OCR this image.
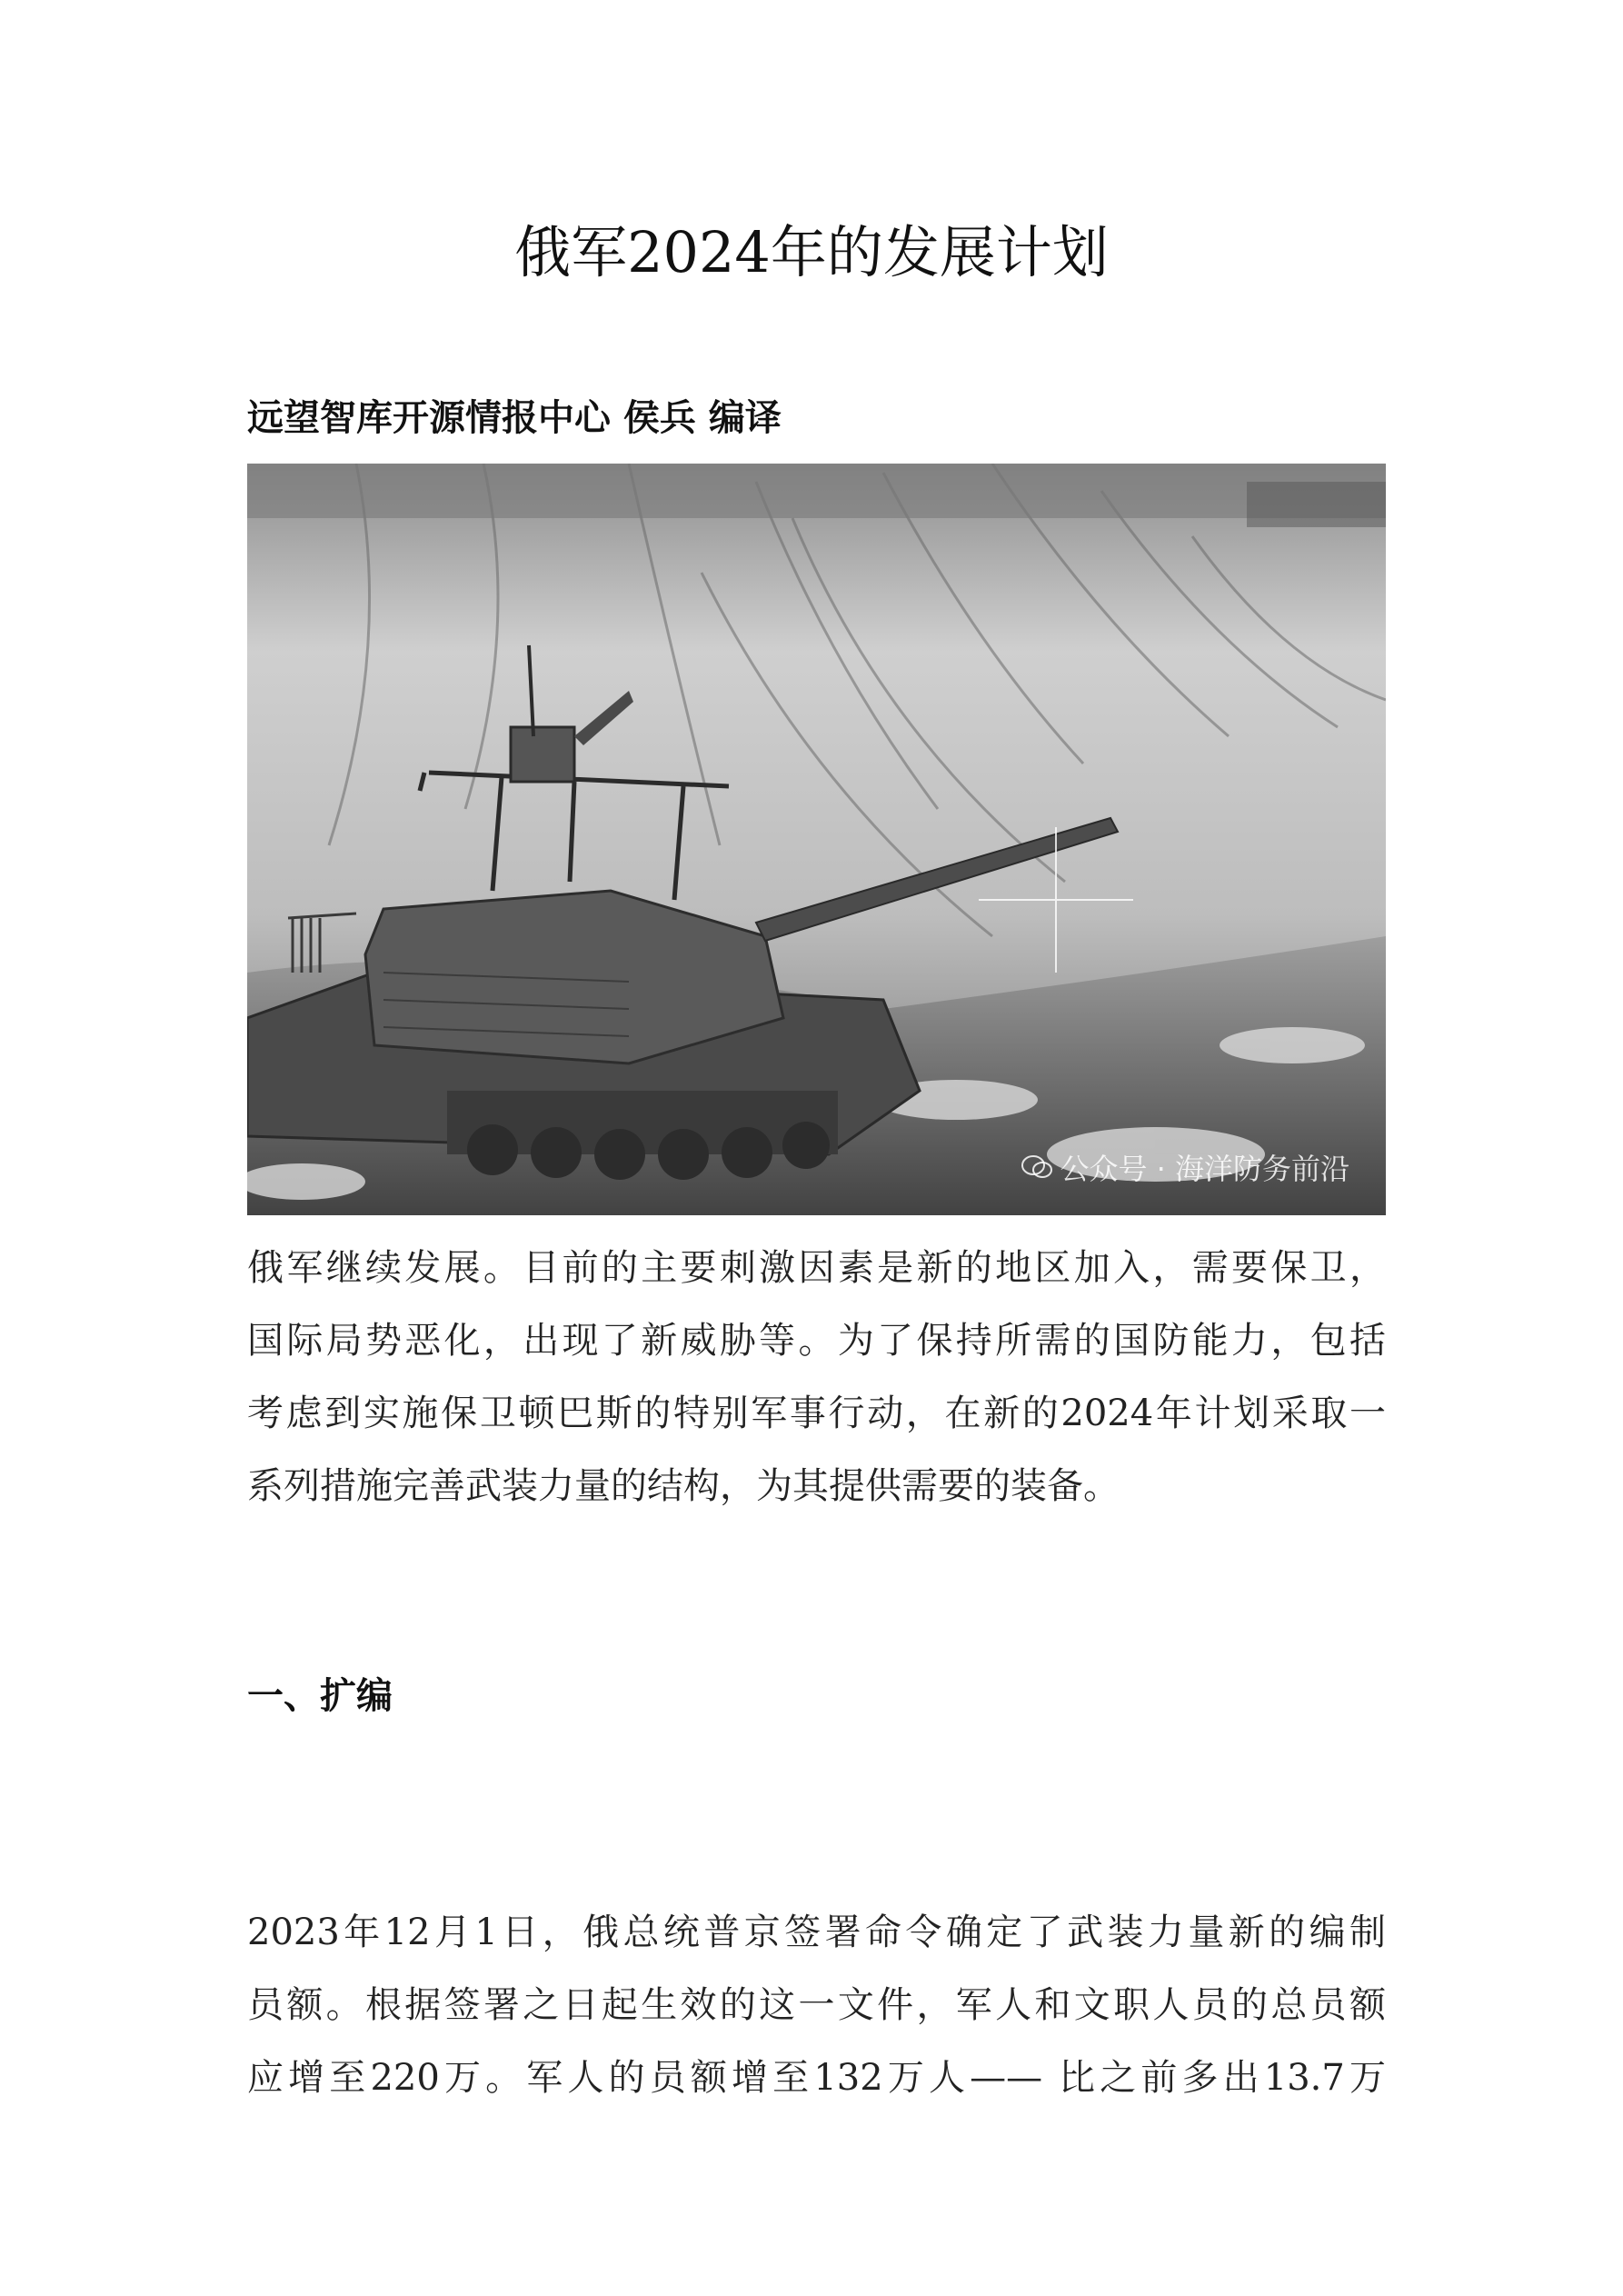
俄军2024年的发展计划
远望智库开源情报中心 侯兵 编译
公众号 · 海洋防务前沿
俄军继续发展。目前的主要刺激因素是新的地区加入，需要保卫，
国际局势恶化，出现了新威胁等。为了保持所需的国防能力，包括
考虑到实施保卫顿巴斯的特别军事行动，在新的2024年计划采取一
系列措施完善武装力量的结构，为其提供需要的装备。
一、扩编
2023年12月1日，俄总统普京签署命令确定了武装力量新的编制
员额。根据签署之日起生效的这一文件，军人和文职人员的总员额
应增至220万。军人的员额增至132万人—— 比之前多出13.7万
